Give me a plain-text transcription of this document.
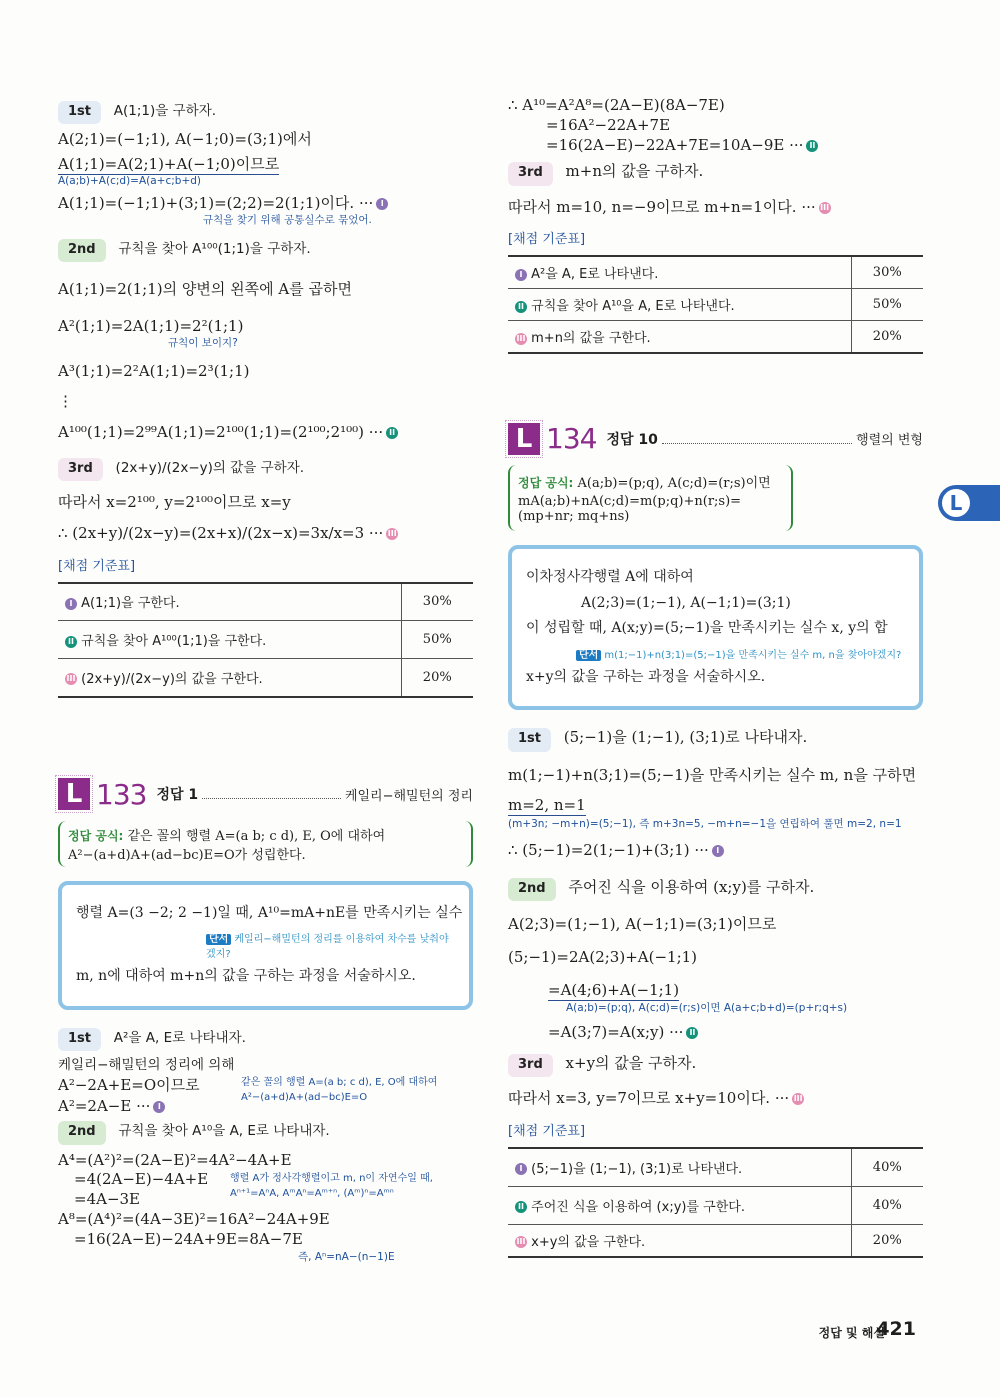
1st A(1;1)을 구하자.
A(2;1)=(−1;1), A(−1;0)=(3;1)에서
A(1;1)=A(2;1)+A(−1;0)이므로
A(a;b)+A(c;d)=A(a+c;b+d)
A(1;1)=(−1;1)+(3;1)=(2;2)=2(1;1)이다. ··· I
규칙을 찾기 위해 공통실수로 묶었어.
2nd 규칙을 찾아 A¹⁰⁰(1;1)을 구하자.
A(1;1)=2(1;1)의 양변의 왼쪽에 A를 곱하면
A²(1;1)=2A(1;1)=2²(1;1)
규칙이 보이지?
A³(1;1)=2²A(1;1)=2³(1;1)
⋮
A¹⁰⁰(1;1)=2⁹⁹A(1;1)=2¹⁰⁰(1;1)=(2¹⁰⁰;2¹⁰⁰) ··· II
3rd (2x+y)/(2x−y)의 값을 구하자.
따라서 x=2¹⁰⁰, y=2¹⁰⁰이므로 x=y
∴ (2x+y)/(2x−y)=(2x+x)/(2x−x)=3x/x=3 ··· III
[채점 기준표]
I A(1;1)을 구한다.	30%
II 규칙을 찾아 A¹⁰⁰(1;1)을 구한다.	50%
III (2x+y)/(2x−y)의 값을 구한다.	20%
L 133 정답 1	케일리−해밀턴의 정리
정답 공식: 같은 꼴의 행렬 A=(a b; c d), E, O에 대하여
A²−(a+d)A+(ad−bc)E=O가 성립한다.
행렬 A=(3 −2; 2 −1)일 때, A¹⁰=mA+nE를 만족시키는 실수
단서 케일리−해밀턴의 정리를 이용하여 차수를 낮춰야겠지?
m, n에 대하여 m+n의 값을 구하는 과정을 서술하시오.
1st A²을 A, E로 나타내자.
케일리−해밀턴의 정리에 의해
A²−2A+E=O이므로
A²=2A−E ··· I
같은 꼴의 행렬 A=(a b; c d), E, O에 대하여
A²−(a+d)A+(ad−bc)E=O
2nd 규칙을 찾아 A¹⁰을 A, E로 나타내자.
A⁴=(A²)²=(2A−E)²=4A²−4A+E
=4(2A−E)−4A+E
=4A−3E
A⁸=(A⁴)²=(4A−3E)²=16A²−24A+9E
=16(2A−E)−24A+9E=8A−7E
행렬 A가 정사각행렬이고 m, n이 자연수일 때,
Aⁿ⁺¹=AⁿA, AᵐAⁿ=Aᵐ⁺ⁿ, (Aᵐ)ⁿ=Aᵐⁿ
즉, Aⁿ=nA−(n−1)E
∴ A¹⁰=A²A⁸=(2A−E)(8A−7E)
=16A²−22A+7E
=16(2A−E)−22A+7E=10A−9E ··· II
3rd m+n의 값을 구하자.
따라서 m=10, n=−9이므로 m+n=1이다. ··· III
[채점 기준표]
I A²을 A, E로 나타낸다.	30%
II 규칙을 찾아 A¹⁰을 A, E로 나타낸다.	50%
III m+n의 값을 구한다.	20%
L 134 정답 10	행렬의 변형
정답 공식: A(a;b)=(p;q), A(c;d)=(r;s)이면
mA(a;b)+nA(c;d)=m(p;q)+n(r;s)=(mp+nr; mq+ns)
이차정사각행렬 A에 대하여
A(2;3)=(1;−1), A(−1;1)=(3;1)
이 성립할 때, A(x;y)=(5;−1)을 만족시키는 실수 x, y의 합
단서 m(1;−1)+n(3;1)=(5;−1)을 만족시키는 실수 m, n을 찾아야겠지?
x+y의 값을 구하는 과정을 서술하시오.
1st (5;−1)을 (1;−1), (3;1)로 나타내자.
m(1;−1)+n(3;1)=(5;−1)을 만족시키는 실수 m, n을 구하면
m=2, n=1
(m+3n; −m+n)=(5;−1), 즉 m+3n=5, −m+n=−1을 연립하여 풀면 m=2, n=1
∴ (5;−1)=2(1;−1)+(3;1) ··· I
2nd 주어진 식을 이용하여 (x;y)를 구하자.
A(2;3)=(1;−1), A(−1;1)=(3;1)이므로
(5;−1)=2A(2;3)+A(−1;1)
=A(4;6)+A(−1;1)
A(a;b)=(p;q), A(c;d)=(r;s)이면 A(a+c;b+d)=(p+r;q+s)
=A(3;7)=A(x;y) ··· II
3rd x+y의 값을 구하자.
따라서 x=3, y=7이므로 x+y=10이다. ··· III
[채점 기준표]
I (5;−1)을 (1;−1), (3;1)로 나타낸다.	40%
II 주어진 식을 이용하여 (x;y)를 구한다.	40%
III x+y의 값을 구한다.	20%
L
정답 및 해설
421
